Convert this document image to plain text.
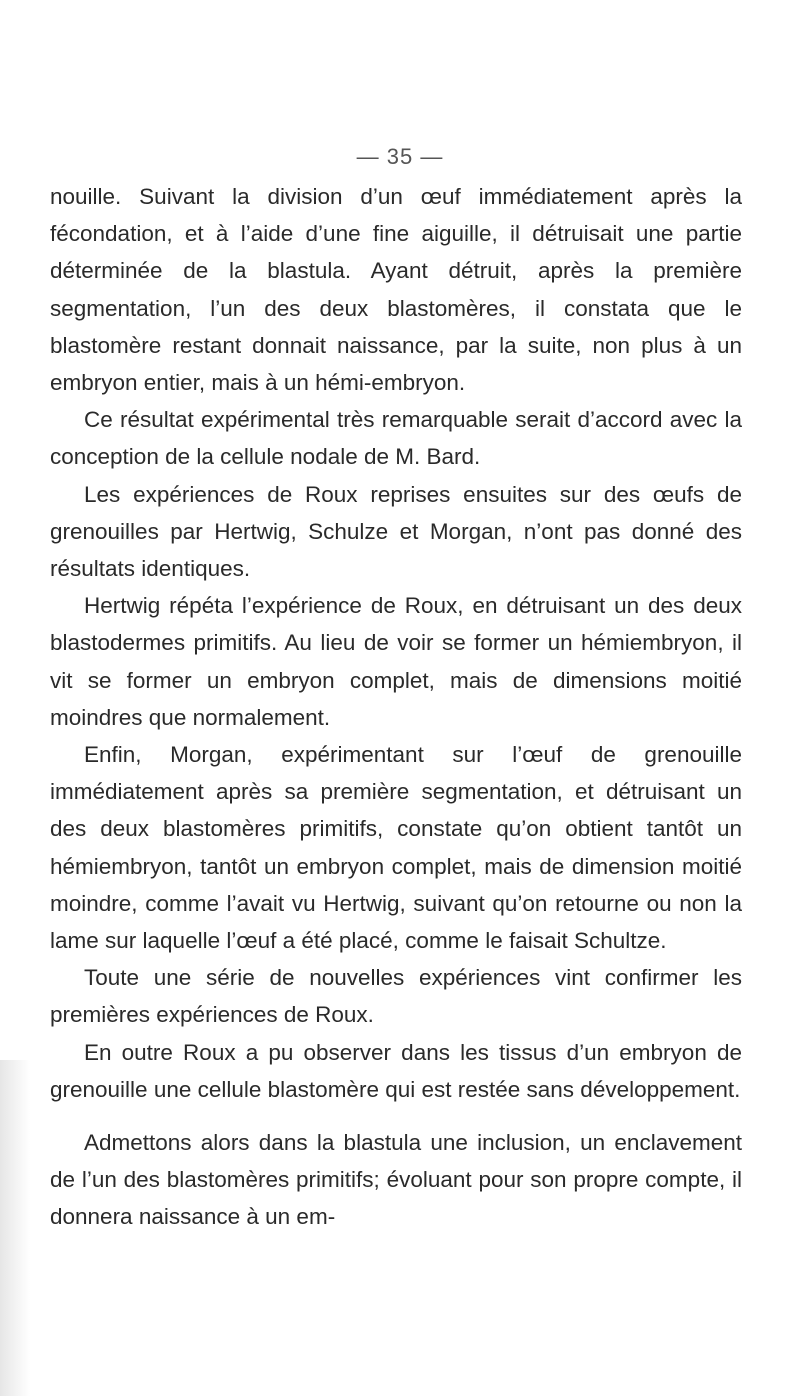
— 35 —

nouille. Suivant la division d’un œuf immédiatement après la fécondation, et à l’aide d’une fine aiguille, il détruisait une partie déterminée de la blastula. Ayant détruit, après la première segmentation, l’un des deux blastomères, il constata que le blastomère restant donnait naissance, par la suite, non plus à un embryon entier, mais à un hémi-embryon.

Ce résultat expérimental très remarquable serait d’accord avec la conception de la cellule nodale de M. Bard.

Les expériences de Roux reprises ensuites sur des œufs de grenouilles par Hertwig, Schulze et Morgan, n’ont pas donné des résultats identiques.

Hertwig répéta l’expérience de Roux, en détruisant un des deux blastodermes primitifs. Au lieu de voir se former un hémiembryon, il vit se former un embryon complet, mais de dimensions moitié moindres que normalement.

Enfin, Morgan, expérimentant sur l’œuf de grenouille immédiatement après sa première segmentation, et détruisant un des deux blastomères primitifs, constate qu’on obtient tantôt un hémiembryon, tantôt un embryon complet, mais de dimension moitié moindre, comme l’avait vu Hertwig, suivant qu’on retourne ou non la lame sur laquelle l’œuf a été placé, comme le faisait Schultze.

Toute une série de nouvelles expériences vint confirmer les premières expériences de Roux.

En outre Roux a pu observer dans les tissus d’un embryon de grenouille une cellule blastomère qui est restée sans développement.

Admettons alors dans la blastula une inclusion, un enclavement de l’un des blastomères primitifs; évoluant pour son propre compte, il donnera naissance à un em-
